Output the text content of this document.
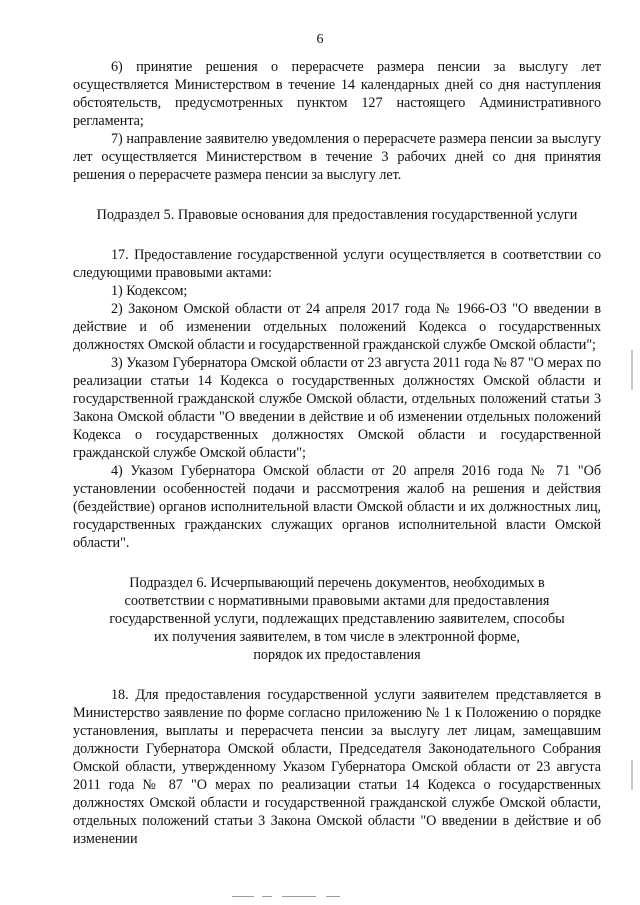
6

6) принятие решения о перерасчете размера пенсии за выслугу лет осуществляется Министерством в течение 14 календарных дней со дня наступления обстоятельств, предусмотренных пунктом 127 настоящего Административного регламента;

7) направление заявителю уведомления о перерасчете размера пенсии за выслугу лет осуществляется Министерством в течение 3 рабочих дней со дня принятия решения о перерасчете размера пенсии за выслугу лет.

Подраздел 5. Правовые основания для предоставления государственной услуги

17. Предоставление государственной услуги осуществляется в соответствии со следующими правовыми актами:

1) Кодексом;

2) Законом Омской области от 24 апреля 2017 года № 1966-ОЗ "О введении в действие и об изменении отдельных положений Кодекса о государственных должностях Омской области и государственной гражданской службе Омской области";

3) Указом Губернатора Омской области от 23 августа 2011 года № 87 "О мерах по реализации статьи 14 Кодекса о государственных должностях Омской области и государственной гражданской службе Омской области, отдельных положений статьи 3 Закона Омской области "О введении в действие и об изменении отдельных положений Кодекса о государственных должностях Омской области и государственной гражданской службе Омской области";

4) Указом Губернатора Омской области от 20 апреля 2016 года № 71 "Об установлении особенностей подачи и рассмотрения жалоб на решения и действия (бездействие) органов исполнительной власти Омской области и их должностных лиц, государственных гражданских служащих органов исполнительной власти Омской области".

Подраздел 6. Исчерпывающий перечень документов, необходимых в
соответствии с нормативными правовыми актами для предоставления
государственной услуги, подлежащих представлению заявителем, способы
их получения заявителем, в том числе в электронной форме,
порядок их предоставления

18. Для предоставления государственной услуги заявителем представляется в Министерство заявление по форме согласно приложению № 1 к Положению о порядке установления, выплаты и перерасчета пенсии за выслугу лет лицам, замещавшим должности Губернатора Омской области, Председателя Законодательного Собрания Омской области, утвержденному Указом Губернатора Омской области от 23 августа 2011 года № 87 "О мерах по реализации статьи 14 Кодекса о государственных должностях Омской области и государственной гражданской службе Омской области, отдельных положений статьи 3 Закона Омской области "О введении в действие и об изменении
